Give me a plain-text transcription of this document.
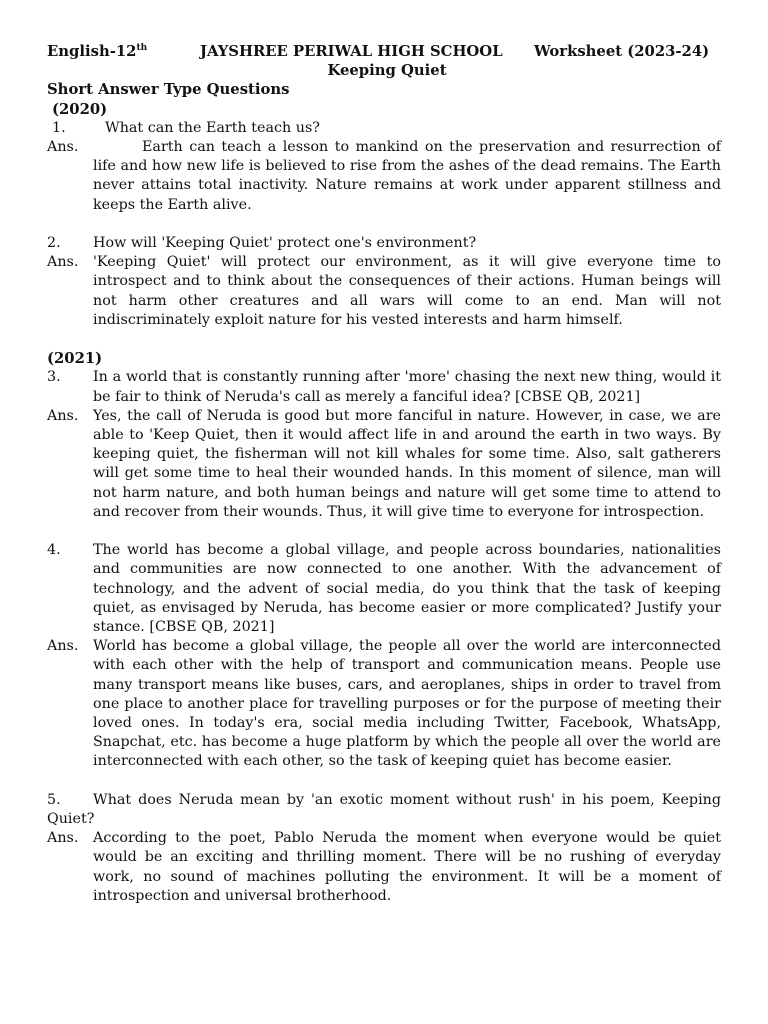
English-12th	JAYSHREE PERIWAL HIGH SCHOOL	Worksheet (2023-24)
Keeping Quiet
Short Answer Type Questions
(2020)
1.	What can the Earth teach us?
Ans.	Earth can teach a lesson to mankind on the preservation and resurrection of life and how new life is believed to rise from the ashes of the dead remains. The Earth never attains total inactivity. Nature remains at work under apparent stillness and keeps the Earth alive.
2.	How will 'Keeping Quiet' protect one's environment?
Ans.	'Keeping Quiet' will protect our environment, as it will give everyone time to introspect and to think about the consequences of their actions. Human beings will not harm other creatures and all wars will come to an end. Man will not indiscriminately exploit nature for his vested interests and harm himself.
(2021)
3.	In a world that is constantly running after 'more' chasing the next new thing, would it be fair to think of Neruda's call as merely a fanciful idea? [CBSE QB, 2021]
Ans.	Yes, the call of Neruda is good but more fanciful in nature. However, in case, we are able to 'Keep Quiet, then it would affect life in and around the earth in two ways. By keeping quiet, the fisherman will not kill whales for some time. Also, salt gatherers will get some time to heal their wounded hands. In this moment of silence, man will not harm nature, and both human beings and nature will get some time to attend to and recover from their wounds. Thus, it will give time to everyone for introspection.
4.	The world has become a global village, and people across boundaries, nationalities and communities are now connected to one another. With the advancement of technology, and the advent of social media, do you think that the task of keeping quiet, as envisaged by Neruda, has become easier or more complicated? Justify your stance. [CBSE QB, 2021]
Ans.	World has become a global village, the people all over the world are interconnected with each other with the help of transport and communication means. People use many transport means like buses, cars, and aeroplanes, ships in order to travel from one place to another place for travelling purposes or for the purpose of meeting their loved ones. In today's era, social media including Twitter, Facebook, WhatsApp, Snapchat, etc. has become a huge platform by which the people all over the world are interconnected with each other, so the task of keeping quiet has become easier.
5. What does Neruda mean by 'an exotic moment without rush' in his poem, Keeping Quiet?
Ans.	According to the poet, Pablo Neruda the moment when everyone would be quiet would be an exciting and thrilling moment. There will be no rushing of everyday work, no sound of machines polluting the environment. It will be a moment of introspection and universal brotherhood.
